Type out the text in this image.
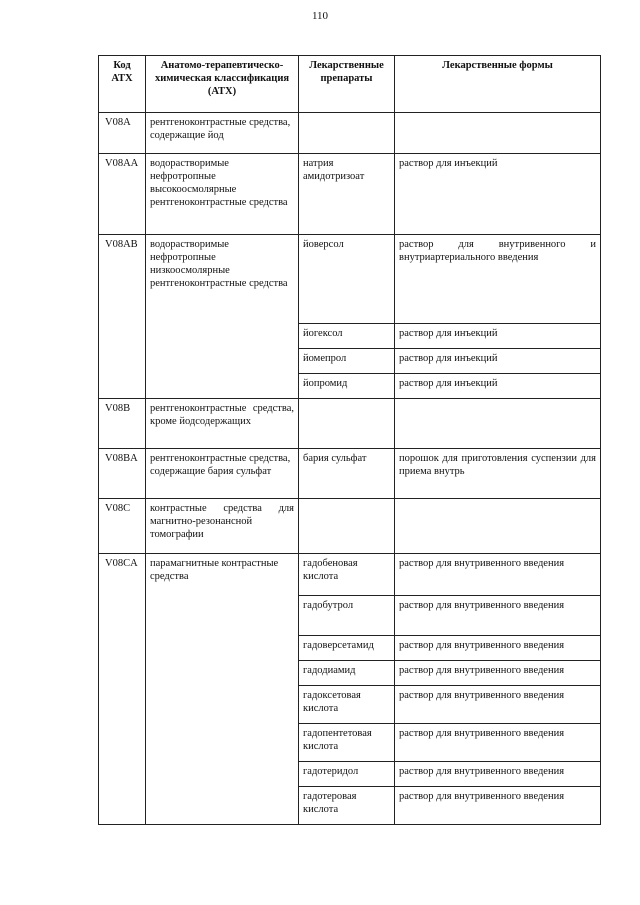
110
Код АТХ	Анатомо-терапевтическо-химическая классификация (АТХ)	Лекарственные препараты	Лекарственные формы
V08A	рентгеноконтрастные средства, содержащие йод		
V08AA	водорастворимые нефротропные высокоосмолярные рентгеноконтрастные средства	натрия амидотризоат	раствор для инъекций
V08AB	водорастворимые нефротропные низкоосмолярные рентгеноконтрастные средства	йоверсол	раствор для внутривенного и внутриартериального введения
		йогексол	раствор для инъекций
		йомепрол	раствор для инъекций
		йопромид	раствор для инъекций
V08B	рентгеноконтрастные средства, кроме йодсодержащих		
V08BA	рентгеноконтрастные средства, содержащие бария сульфат	бария сульфат	порошок для приготовления суспензии для приема внутрь
V08C	контрастные средства для магнитно-резонансной томографии		
V08CA	парамагнитные контрастные средства	гадобеновая кислота	раствор для внутривенного введения
		гадобутрол	раствор для внутривенного введения
		гадоверсетамид	раствор для внутривенного введения
		гадодиамид	раствор для внутривенного введения
		гадоксетовая кислота	раствор для внутривенного введения
		гадопентетовая кислота	раствор для внутривенного введения
		гадотеридол	раствор для внутривенного введения
		гадотеровая кислота	раствор для внутривенного введения
